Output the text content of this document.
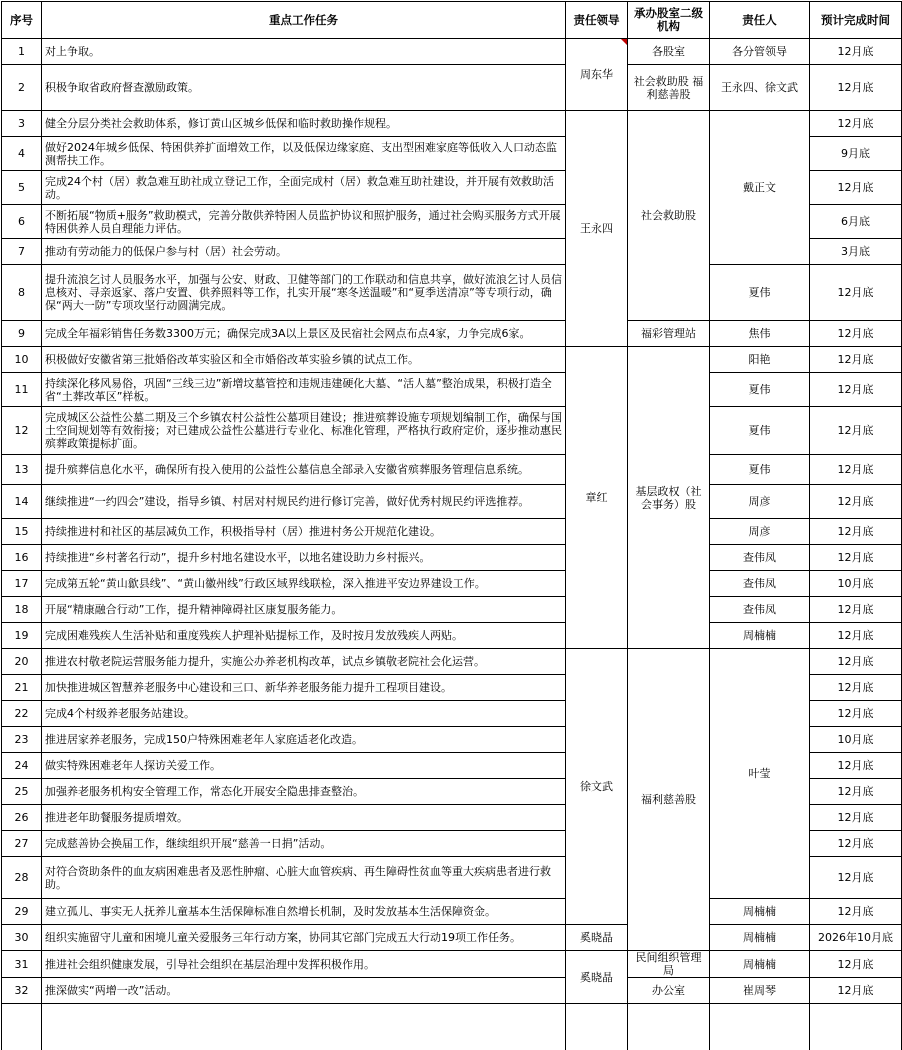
序号	重点工作任务	责任领导	承办股室二级机构	责任人	预计完成时间
1	对上争取。	周东华	各股室	各分管领导	12月底
2	积极争取省政府督查激励政策。		社会救助股 福利慈善股	王永四、徐文武	12月底
3	健全分层分类社会救助体系，修订黄山区城乡低保和临时救助操作规程。	王永四	社会救助股	戴正文	12月底
4	做好2024年城乡低保、特困供养扩面增效工作，以及低保边缘家庭、支出型困难家庭等低收入人口动态监测帮扶工作。				9月底
5	完成24个村（居）救急难互助社成立登记工作，全面完成村（居）救急难互助社建设，并开展有效救助活动。				12月底
6	不断拓展“物质+服务”救助模式，完善分散供养特困人员监护协议和照护服务，通过社会购买服务方式开展特困供养人员自理能力评估。				6月底
7	推动有劳动能力的低保户参与村（居）社会劳动。				3月底
8	提升流浪乞讨人员服务水平，加强与公安、财政、卫健等部门的工作联动和信息共享，做好流浪乞讨人员信息核对、寻亲返家、落户安置、供养照料等工作，扎实开展“寒冬送温暖”和“夏季送清凉”等专项行动，确保“两大一防”专项攻坚行动圆满完成。			夏伟	12月底
9	完成全年福彩销售任务数3300万元；确保完成3A以上景区及民宿社会网点布点4家，力争完成6家。		福彩管理站	焦伟	12月底
10	积极做好安徽省第三批婚俗改革实验区和全市婚俗改革实验乡镇的试点工作。	章红	基层政权（社会事务）股	阳艳	12月底
11	持续深化移风易俗，巩固“三线三边”新增坟墓管控和违规违建硬化大墓、“活人墓”整治成果，积极打造全省“土葬改革区”样板。			夏伟	12月底
12	完成城区公益性公墓二期及三个乡镇农村公益性公墓项目建设；推进殡葬设施专项规划编制工作，确保与国土空间规划等有效衔接；对已建成公益性公墓进行专业化、标准化管理，严格执行政府定价，逐步推动惠民殡葬政策提标扩面。			夏伟	12月底
13	提升殡葬信息化水平，确保所有投入使用的公益性公墓信息全部录入安徽省殡葬服务管理信息系统。			夏伟	12月底
14	继续推进“一约四会”建设，指导乡镇、村居对村规民约进行修订完善，做好优秀村规民约评选推荐。			周彦	12月底
15	持续推进村和社区的基层减负工作，积极指导村（居）推进村务公开规范化建设。			周彦	12月底
16	持续推进“乡村著名行动”，提升乡村地名建设水平，以地名建设助力乡村振兴。			查伟凤	12月底
17	完成第五轮“黄山歙县线”、“黄山徽州线”行政区域界线联检，深入推进平安边界建设工作。			查伟凤	10月底
18	开展“精康融合行动”工作，提升精神障碍社区康复服务能力。			查伟凤	12月底
19	完成困难残疾人生活补贴和重度残疾人护理补贴提标工作，及时按月发放残疾人两贴。			周楠楠	12月底
20	推进农村敬老院运营服务能力提升，实施公办养老机构改革，试点乡镇敬老院社会化运营。	徐文武	福利慈善股	叶莹	12月底
21	加快推进城区智慧养老服务中心建设和三口、新华养老服务能力提升工程项目建设。				12月底
22	完成4个村级养老服务站建设。				12月底
23	推进居家养老服务，完成150户特殊困难老年人家庭适老化改造。				10月底
24	做实特殊困难老年人探访关爱工作。				12月底
25	加强养老服务机构安全管理工作，常态化开展安全隐患排查整治。				12月底
26	推进老年助餐服务提质增效。				12月底
27	完成慈善协会换届工作，继续组织开展“慈善一日捐”活动。				12月底
28	对符合资助条件的血友病困难患者及恶性肿瘤、心脏大血管疾病、再生障碍性贫血等重大疾病患者进行救助。				12月底
29	建立孤儿、事实无人抚养儿童基本生活保障标准自然增长机制，及时发放基本生活保障资金。			周楠楠	12月底
30	组织实施留守儿童和困境儿童关爱服务三年行动方案，协同其它部门完成五大行动19项工作任务。	奚晓晶		周楠楠	2026年10月底
31	推进社会组织健康发展，引导社会组织在基层治理中发挥积极作用。	奚晓晶	民间组织管理局	周楠楠	12月底
32	推深做实“两增一改”活动。		办公室	崔周琴	12月底
